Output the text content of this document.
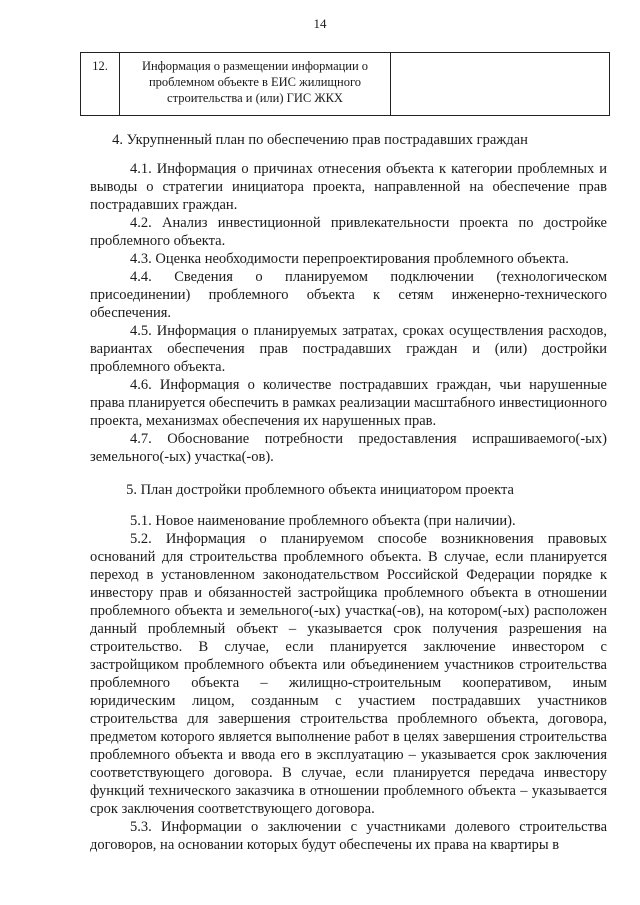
14
12.	Информация о размещении информации о проблемном объекте в ЕИС жилищного строительства и (или) ГИС ЖКХ	
4. Укрупненный план по обеспечению прав пострадавших граждан

4.1. Информация о причинах отнесения объекта к категории проблемных и выводы о стратегии инициатора проекта, направленной на обеспечение прав пострадавших граждан.

4.2. Анализ инвестиционной привлекательности проекта по достройке проблемного объекта.

4.3. Оценка необходимости перепроектирования проблемного объекта.

4.4. Сведения о планируемом подключении (технологическом присоединении) проблемного объекта к сетям инженерно-технического обеспечения.

4.5. Информация о планируемых затратах, сроках осуществления расходов, вариантах обеспечения прав пострадавших граждан и (или) достройки проблемного объекта.

4.6. Информация о количестве пострадавших граждан, чьи нарушенные права планируется обеспечить в рамках реализации масштабного инвестиционного проекта, механизмах обеспечения их нарушенных прав.

4.7. Обоснование потребности предоставления испрашиваемого(-ых) земельного(-ых) участка(-ов).

5. План достройки проблемного объекта инициатором проекта

5.1. Новое наименование проблемного объекта (при наличии).

5.2. Информация о планируемом способе возникновения правовых оснований для строительства проблемного объекта. В случае, если планируется переход в установленном законодательством Российской Федерации порядке к инвестору прав и обязанностей застройщика проблемного объекта в отношении проблемного объекта и земельного(-ых) участка(-ов), на котором(-ых) расположен данный проблемный объект – указывается срок получения разрешения на строительство. В случае, если планируется заключение инвестором с застройщиком проблемного объекта или объединением участников строительства проблемного объекта – жилищно-строительным кооперативом, иным юридическим лицом, созданным с участием пострадавших участников строительства для завершения строительства проблемного объекта, договора, предметом которого является выполнение работ в целях завершения строительства проблемного объекта и ввода его в эксплуатацию – указывается срок заключения соответствующего договора. В случае, если планируется передача инвестору функций технического заказчика в отношении проблемного объекта – указывается срок заключения соответствующего договора.

5.3. Информации о заключении с участниками долевого строительства договоров, на основании которых будут обеспечены их права на квартиры в
